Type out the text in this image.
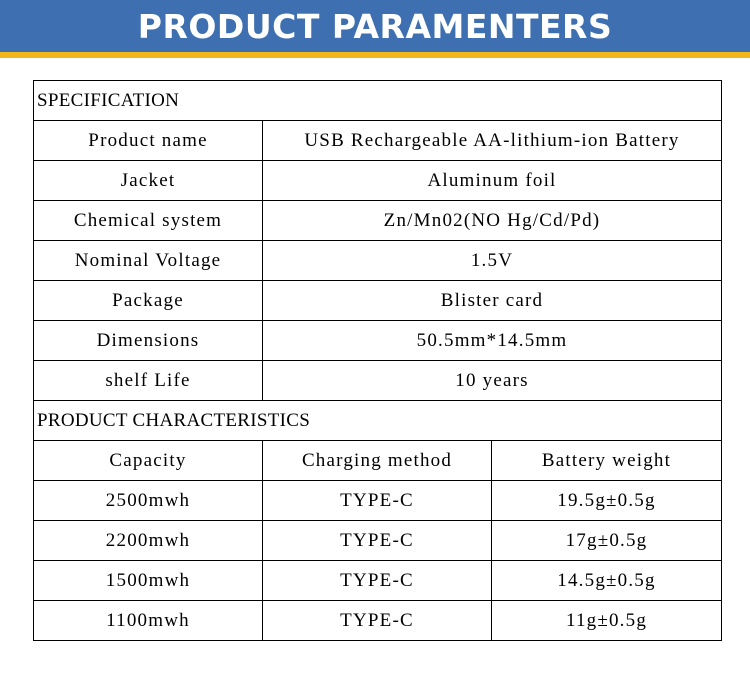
PRODUCT PARAMENTERS
SPECIFICATION		
Product name	USB Rechargeable AA-lithium-ion Battery	
Jacket	Aluminum foil	
Chemical system	Zn/Mn02(NO Hg/Cd/Pd)	
Nominal Voltage	1.5V	
Package	Blister card	
Dimensions	50.5mm*14.5mm	
shelf Life	10 years	
PRODUCT CHARACTERISTICS		
Capacity	Charging method	Battery weight
2500mwh	TYPE-C	19.5g±0.5g
2200mwh	TYPE-C	17g±0.5g
1500mwh	TYPE-C	14.5g±0.5g
1100mwh	TYPE-C	11g±0.5g
